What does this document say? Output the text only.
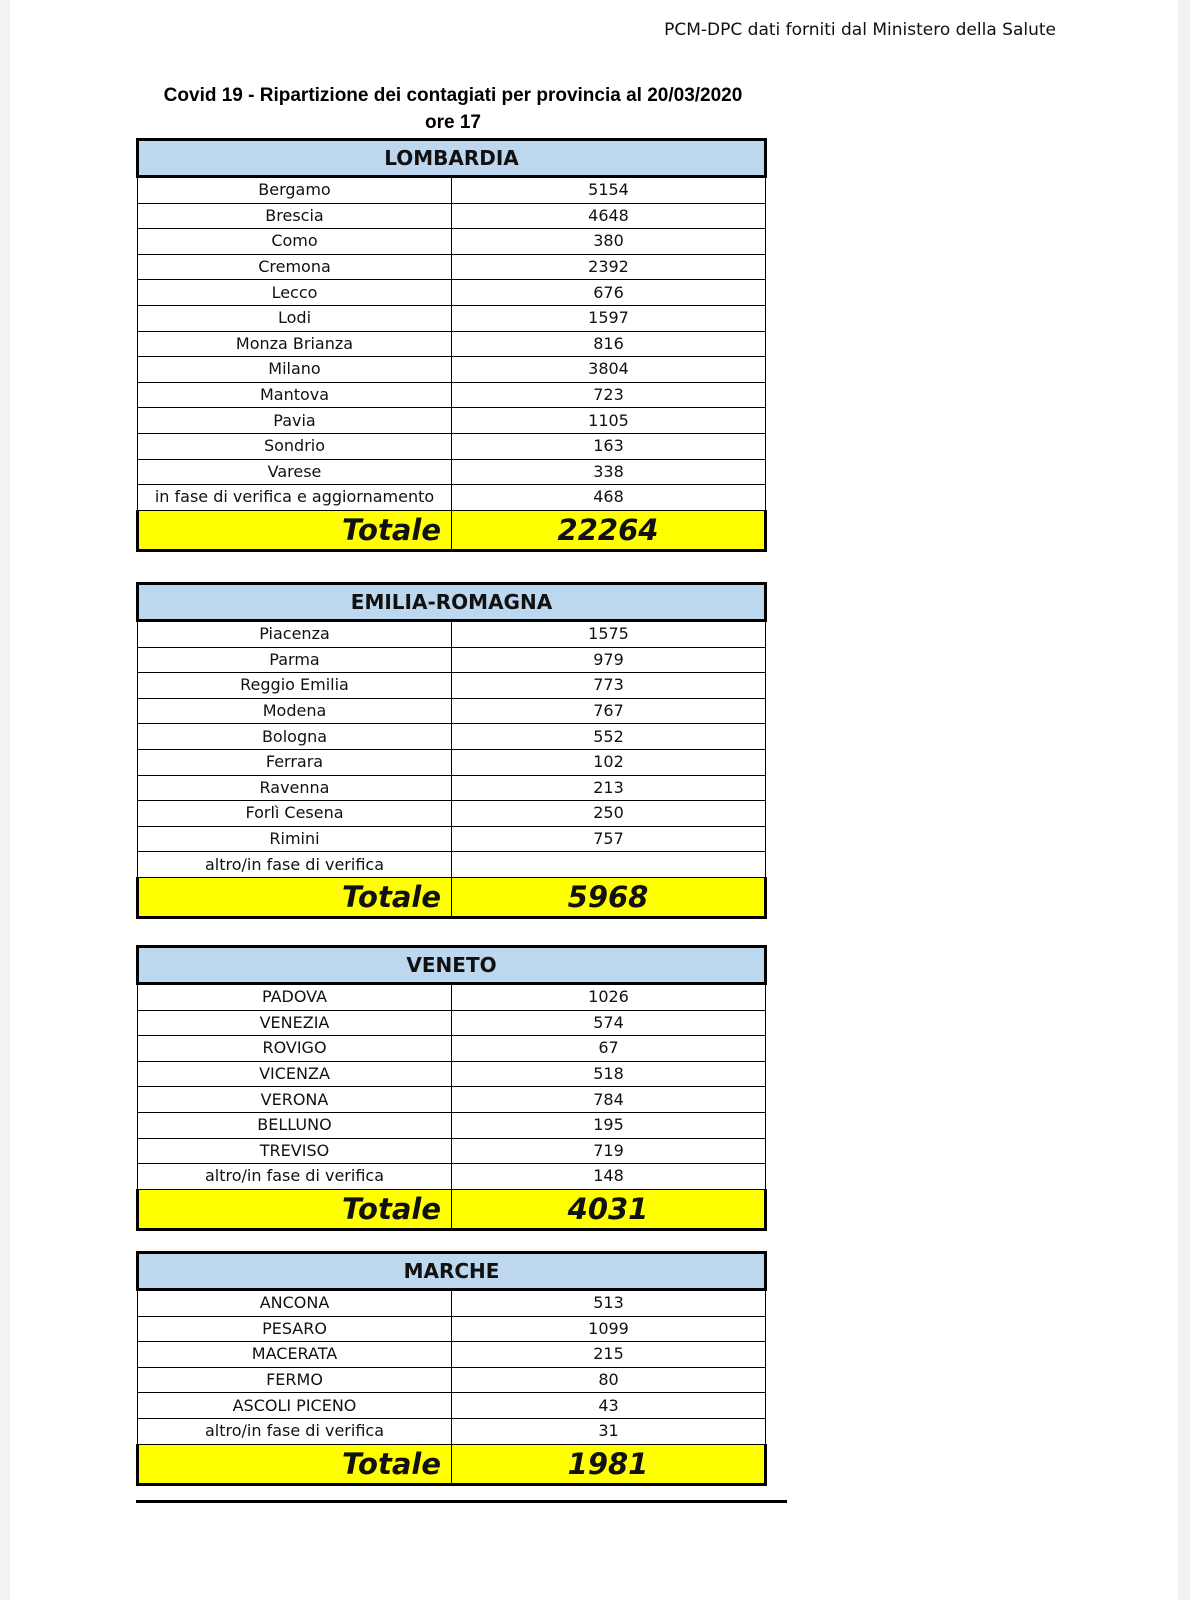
PCM-DPC dati forniti dal Ministero della Salute
Covid 19 - Ripartizione dei contagiati per provincia al 20/03/2020
ore 17
LOMBARDIA	
Bergamo	5154
Brescia	4648
Como	380
Cremona	2392
Lecco	676
Lodi	1597
Monza Brianza	816
Milano	3804
Mantova	723
Pavia	1105
Sondrio	163
Varese	338
in fase di verifica e aggiornamento	468
Totale	22264
EMILIA-ROMAGNA	
Piacenza	1575
Parma	979
Reggio Emilia	773
Modena	767
Bologna	552
Ferrara	102
Ravenna	213
Forlì Cesena	250
Rimini	757
altro/in fase di verifica	
Totale	5968
VENETO	
PADOVA	1026
VENEZIA	574
ROVIGO	67
VICENZA	518
VERONA	784
BELLUNO	195
TREVISO	719
altro/in fase di verifica	148
Totale	4031
MARCHE	
ANCONA	513
PESARO	1099
MACERATA	215
FERMO	80
ASCOLI PICENO	43
altro/in fase di verifica	31
Totale	1981
